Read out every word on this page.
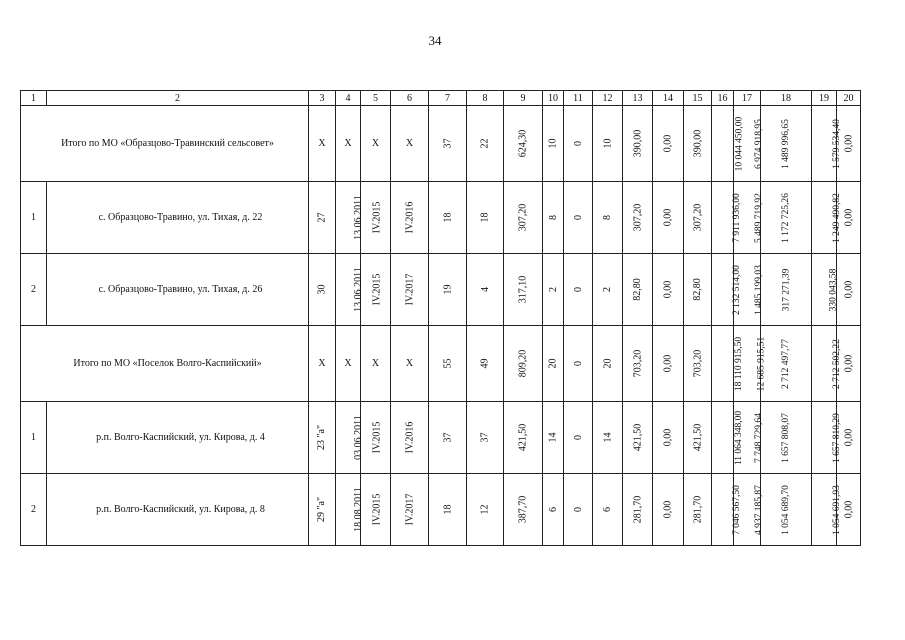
34
1	2	3	4	5	6	7	8	9	10	11	12	13	14	15	16	17	18	19	20
Итого по МО «Образцово-Травинский сельсовет»		X	X	X	X	37	22	624,30	10	0	10	390,00	0,00	390,00	10 044 450,00	6 974 918,95	1 489 996,65	1 579 534,40	0,00
1	с. Образцово-Травино, ул. Тихая, д. 22	27	13.06.2011	IV.2015	IV.2016	18	18	307,20	8	0	8	307,20	0,00	307,20	7 911 936,00	5 489 719,92	1 172 725,26	1 249 490,82	0,00
2	с. Образцово-Травино, ул. Тихая, д. 26	30	13.06.2011	IV.2015	IV.2017	19	4	317,10	2	0	2	82,80	0,00	82,80	2 132 514,00	1 485 199,03	317 271,39	330 043,58	0,00
Итого по МО «Поселок Волго-Каспийский»		X	X	X	X	55	49	809,20	20	0	20	703,20	0,00	703,20	18 110 915,50	12 685 915,51	2 712 497,77	2 712 502,22	0,00
1	р.п. Волго-Каспийский, ул. Кирова, д. 4	23 "а"	03.06.2011	IV.2015	IV.2016	37	37	421,50	14	0	14	421,50	0,00	421,50	11 064 348,00	7 748 729,64	1 657 808,07	1 657 810,29	0,00
2	р.п. Волго-Каспийский, ул. Кирова, д. 8	29 "а"	18.08.2011	IV.2015	IV.2017	18	12	387,70	6	0	6	281,70	0,00	281,70	7 046 567,50	4 937 185,87	1 054 689,70	1 054 691,93	0,00
